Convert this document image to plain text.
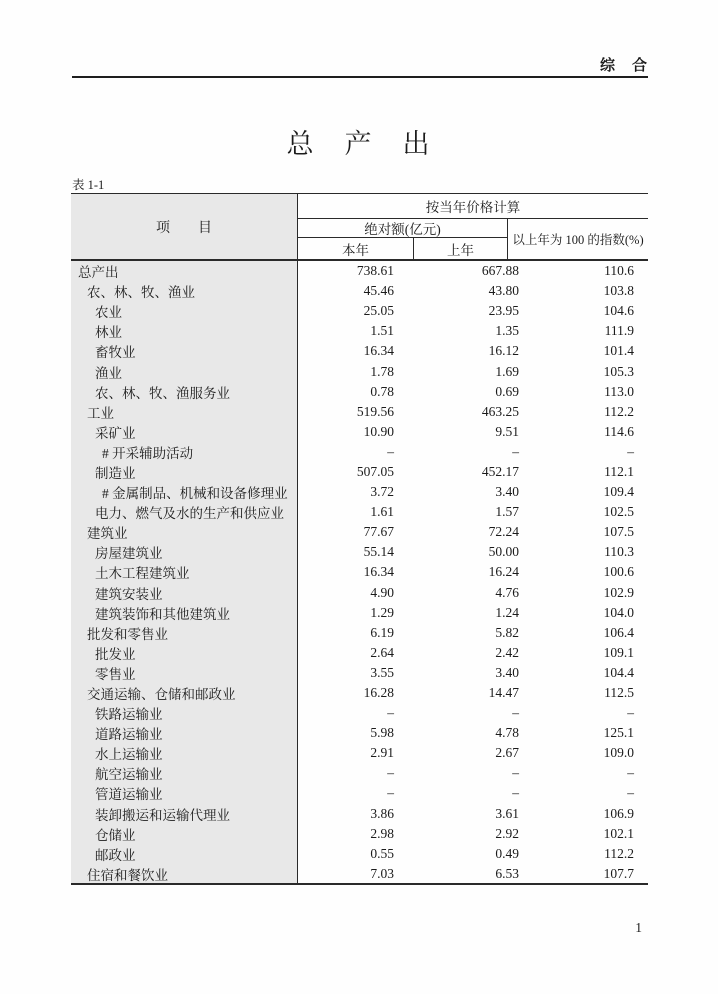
综　合
总　产　出
表 1-1
项　　目
按当年价格计算
绝对额(亿元)
本年	上年
以上年为 100 的指数(%)
总产出	738.61	667.88	110.6
农、林、牧、渔业	45.46	43.80	103.8
农业	25.05	23.95	104.6
林业	1.51	1.35	111.9
畜牧业	16.34	16.12	101.4
渔业	1.78	1.69	105.3
农、林、牧、渔服务业	0.78	0.69	113.0
工业	519.56	463.25	112.2
采矿业	10.90	9.51	114.6
# 开采辅助活动	–	–	–
制造业	507.05	452.17	112.1
# 金属制品、机械和设备修理业	3.72	3.40	109.4
电力、燃气及水的生产和供应业	1.61	1.57	102.5
建筑业	77.67	72.24	107.5
房屋建筑业	55.14	50.00	110.3
土木工程建筑业	16.34	16.24	100.6
建筑安装业	4.90	4.76	102.9
建筑装饰和其他建筑业	1.29	1.24	104.0
批发和零售业	6.19	5.82	106.4
批发业	2.64	2.42	109.1
零售业	3.55	3.40	104.4
交通运输、仓储和邮政业	16.28	14.47	112.5
铁路运输业	–	–	–
道路运输业	5.98	4.78	125.1
水上运输业	2.91	2.67	109.0
航空运输业	–	–	–
管道运输业	–	–	–
装卸搬运和运输代理业	3.86	3.61	106.9
仓储业	2.98	2.92	102.1
邮政业	0.55	0.49	112.2
住宿和餐饮业	7.03	6.53	107.7
1
